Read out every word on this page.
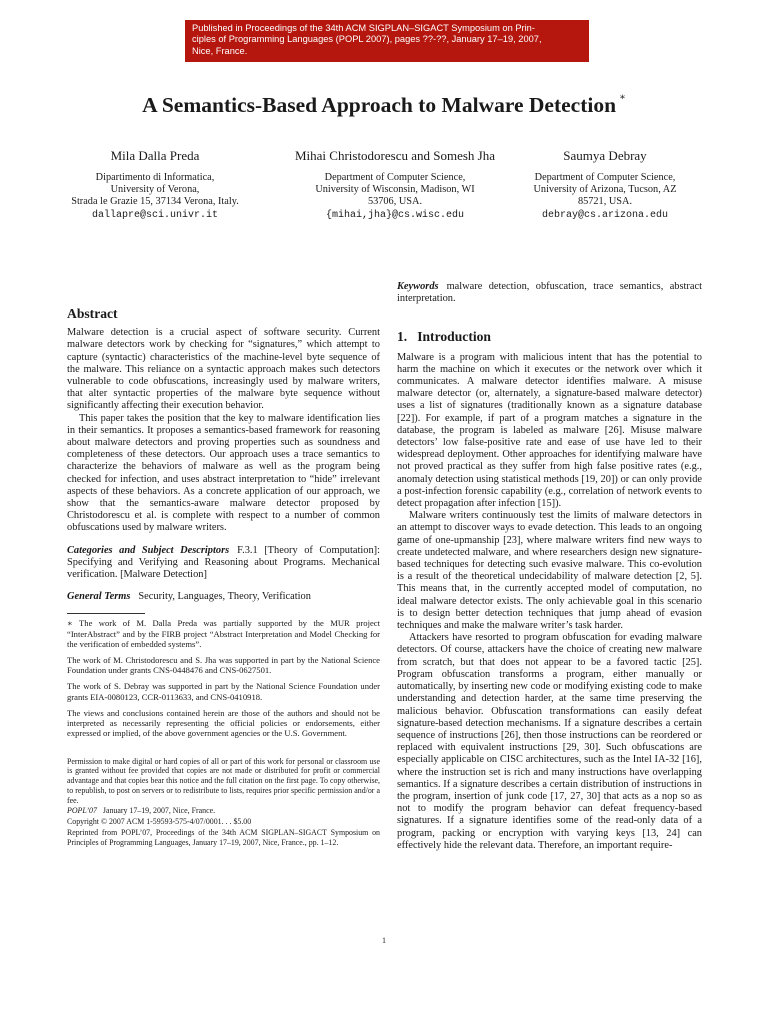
Published in Proceedings of the 34th ACM SIGPLAN–SIGACT Symposium on Prin-
ciples of Programming Languages (POPL 2007), pages ??-??, January 17–19, 2007,
Nice, France.
A Semantics-Based Approach to Malware Detection ∗
Mila Dalla Preda
Dipartimento di Informatica,
University of Verona,
Strada le Grazie 15, 37134 Verona, Italy.
dallapre@sci.univr.it
Mihai Christodorescu and Somesh Jha
Department of Computer Science,
University of Wisconsin, Madison, WI
53706, USA.
{mihai,jha}@cs.wisc.edu
Saumya Debray
Department of Computer Science,
University of Arizona, Tucson, AZ
85721, USA.
debray@cs.arizona.edu
Abstract

Malware detection is a crucial aspect of software security. Current malware detectors work by checking for “signatures,” which attempt to capture (syntactic) characteristics of the machine-level byte sequence of the malware. This reliance on a syntactic approach makes such detectors vulnerable to code obfuscations, increasingly used by malware writers, that alter syntactic properties of the malware byte sequence without significantly affecting their execution behavior.

This paper takes the position that the key to malware identification lies in their semantics. It proposes a semantics-based framework for reasoning about malware detectors and proving properties such as soundness and completeness of these detectors. Our approach uses a trace semantics to characterize the behaviors of malware as well as the program being checked for infection, and uses abstract interpretation to “hide” irrelevant aspects of these behaviors. As a concrete application of our approach, we show that the semantics-aware malware detector proposed by Christodorescu et al. is complete with respect to a number of common obfuscations used by malware writers.

Categories and Subject Descriptors F.3.1 [Theory of Computation]: Specifying and Verifying and Reasoning about Programs. Mechanical verification. [Malware Detection]

General Terms Security, Languages, Theory, Verification

∗ The work of M. Dalla Preda was partially supported by the MUR project “InterAbstract” and by the FIRB project “Abstract Interpretation and Model Checking for the verification of embedded systems”.

The work of M. Christodorescu and S. Jha was supported in part by the National Science Foundation under grants CNS-0448476 and CNS-0627501.

The work of S. Debray was supported in part by the National Science Foundation under grants EIA-0080123, CCR-0113633, and CNS-0410918.

The views and conclusions contained herein are those of the authors and should not be interpreted as necessarily representing the official policies or endorsements, either expressed or implied, of the above government agencies or the U.S. Government.

Permission to make digital or hard copies of all or part of this work for personal or classroom use is granted without fee provided that copies are not made or distributed for profit or commercial advantage and that copies bear this notice and the full citation on the first page. To copy otherwise, to republish, to post on servers or to redistribute to lists, requires prior specific permission and/or a fee.

POPL’07 January 17–19, 2007, Nice, France.

Copyright © 2007 ACM 1-59593-575-4/07/0001. . . $5.00

Reprinted from POPL’07, Proceedings of the 34th ACM SIGPLAN–SIGACT Symposium on Principles of Programming Languages, January 17–19, 2007, Nice, France., pp. 1–12.

Keywords malware detection, obfuscation, trace semantics, abstract interpretation.

1. Introduction

Malware is a program with malicious intent that has the potential to harm the machine on which it executes or the network over which it communicates. A malware detector identifies malware. A misuse malware detector (or, alternately, a signature-based malware detector) uses a list of signatures (traditionally known as a signature database [22]). For example, if part of a program matches a signature in the database, the program is labeled as malware [26]. Misuse malware detectors’ low false-positive rate and ease of use have led to their widespread deployment. Other approaches for identifying malware have not proved practical as they suffer from high false positive rates (e.g., anomaly detection using statistical methods [19, 20]) or can only provide a post-infection forensic capability (e.g., correlation of network events to detect propagation after infection [15]).

Malware writers continuously test the limits of malware detectors in an attempt to discover ways to evade detection. This leads to an ongoing game of one-upmanship [23], where malware writers find new ways to create undetected malware, and where researchers design new signature-based techniques for detecting such evasive malware. This co-evolution is a result of the theoretical undecidability of malware detection [2, 5]. This means that, in the currently accepted model of computation, no ideal malware detector exists. The only achievable goal in this scenario is to design better detection techniques that jump ahead of evasion techniques and make the malware writer’s task harder.

Attackers have resorted to program obfuscation for evading malware detectors. Of course, attackers have the choice of creating new malware from scratch, but that does not appear to be a favored tactic [25]. Program obfuscation transforms a program, either manually or automatically, by inserting new code or modifying existing code to make understanding and detection harder, at the same time preserving the malicious behavior. Obfuscation transformations can easily defeat signature-based detection mechanisms. If a signature describes a certain sequence of instructions [26], then those instructions can be reordered or replaced with equivalent instructions [29, 30]. Such obfuscations are especially applicable on CISC architectures, such as the Intel IA-32 [16], where the instruction set is rich and many instructions have overlapping semantics. If a signature describes a certain distribution of instructions in the program, insertion of junk code [17, 27, 30] that acts as a nop so as not to modify the program behavior can defeat frequency-based signatures. If a signature identifies some of the read-only data of a program, packing or encryption with varying keys [13, 24] can effectively hide the relevant data. Therefore, an important require-

1
